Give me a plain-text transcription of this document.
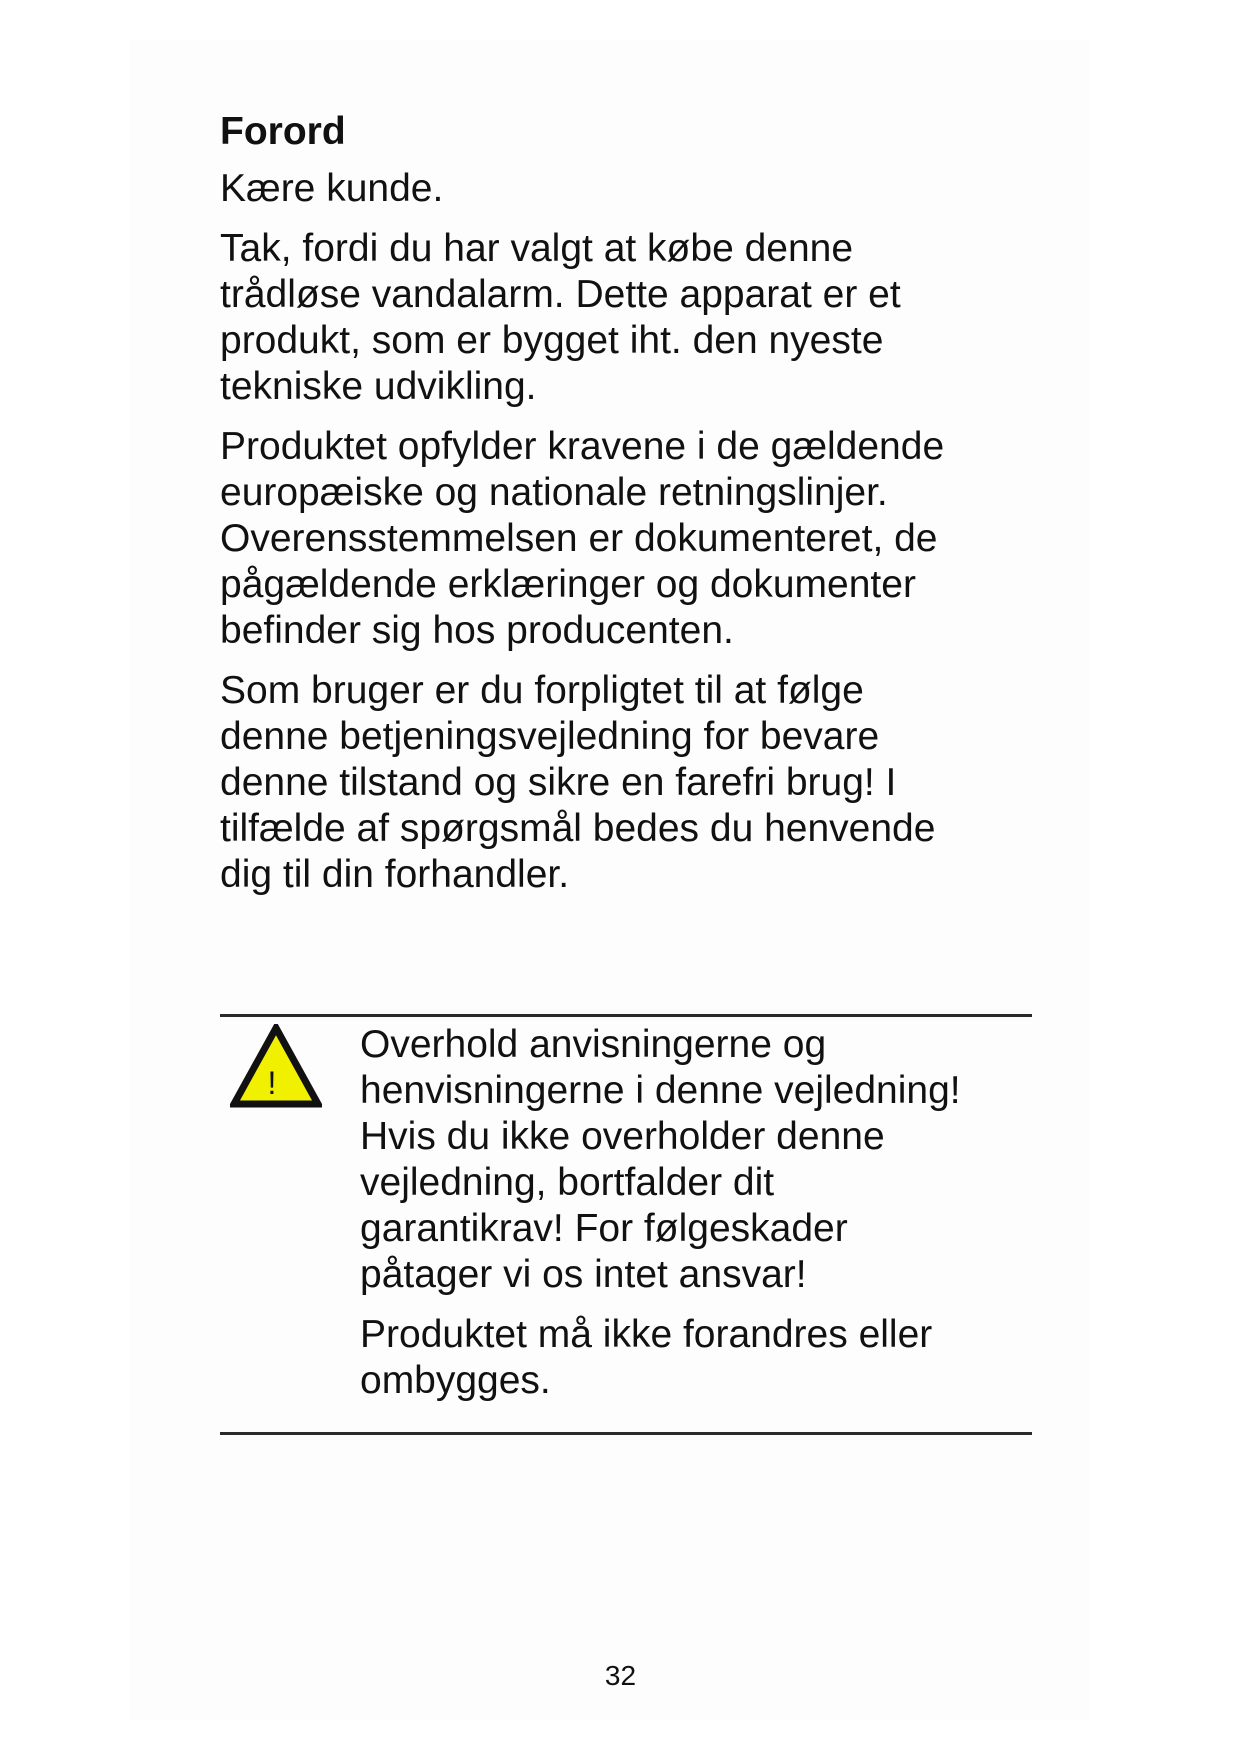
Forord
Kære kunde.
Tak, fordi du har valgt at købe denne
trådløse vandalarm. Dette apparat er et
produkt, som er bygget iht. den nyeste
tekniske udvikling.
Produktet opfylder kravene i de gældende
europæiske og nationale retningslinjer.
Overensstemmelsen er dokumenteret, de
pågældende erklæringer og dokumenter
befinder sig hos producenten.
Som bruger er du forpligtet til at følge
denne betjeningsvejledning for bevare
denne tilstand og sikre en farefri brug! I
tilfælde af spørgsmål bedes du henvende
dig til din forhandler.
!
Overhold anvisningerne og
henvisningerne i denne vejledning!
Hvis du ikke overholder denne
vejledning, bortfalder dit
garantikrav! For følgeskader
påtager vi os intet ansvar!
Produktet må ikke forandres eller
ombygges.
32
